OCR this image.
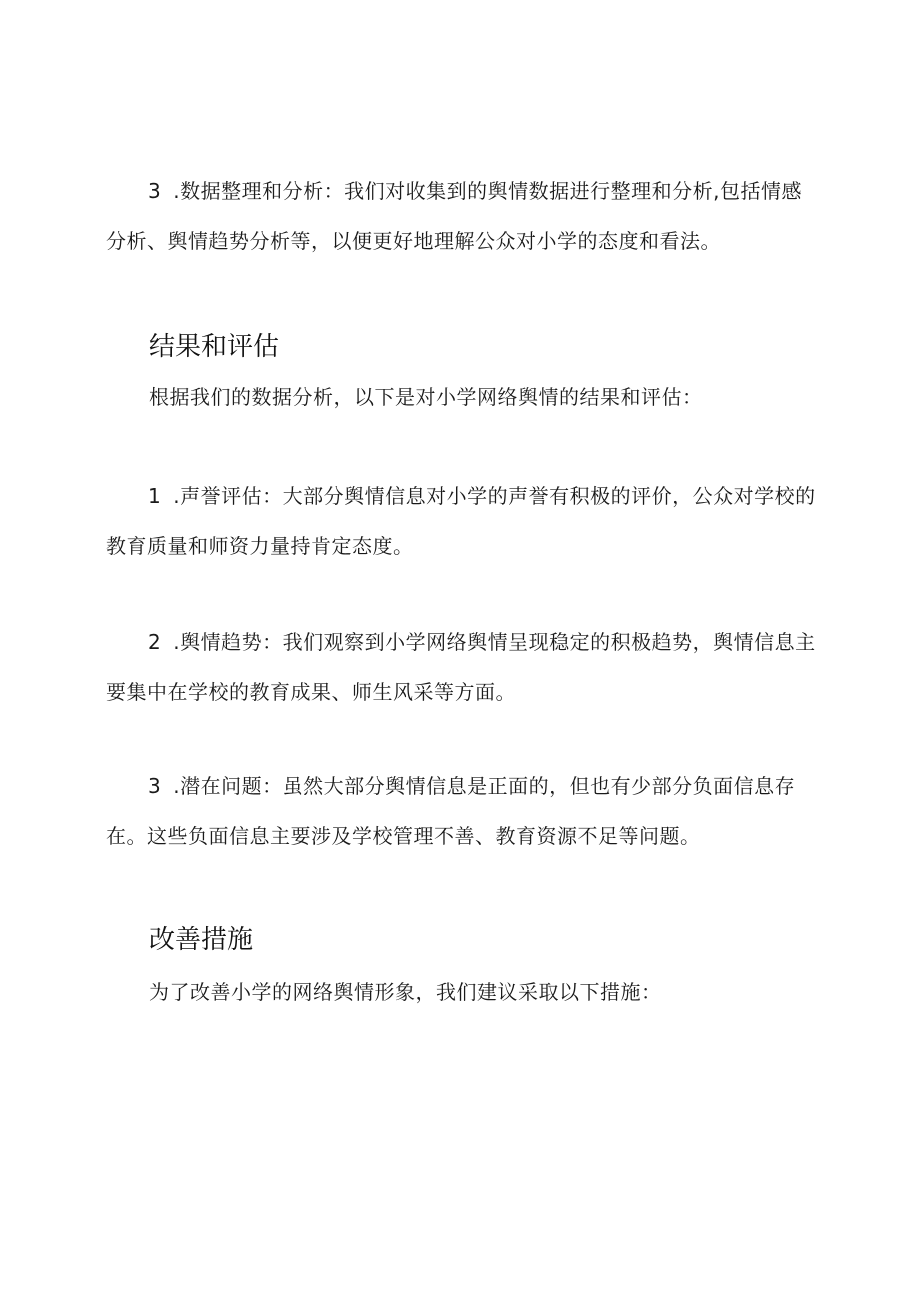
3 .数据整理和分析：我们对收集到的舆情数据进行整理和分析,包括情感分析、舆情趋势分析等，以便更好地理解公众对小学的态度和看法。

结果和评估

根据我们的数据分析，以下是对小学网络舆情的结果和评估：

1 .声誉评估：大部分舆情信息对小学的声誉有积极的评价，公众对学校的教育质量和师资力量持肯定态度。

2 .舆情趋势：我们观察到小学网络舆情呈现稳定的积极趋势，舆情信息主要集中在学校的教育成果、师生风采等方面。

3 .潜在问题：虽然大部分舆情信息是正面的，但也有少部分负面信息存在。这些负面信息主要涉及学校管理不善、教育资源不足等问题。

改善措施

为了改善小学的网络舆情形象，我们建议采取以下措施：
